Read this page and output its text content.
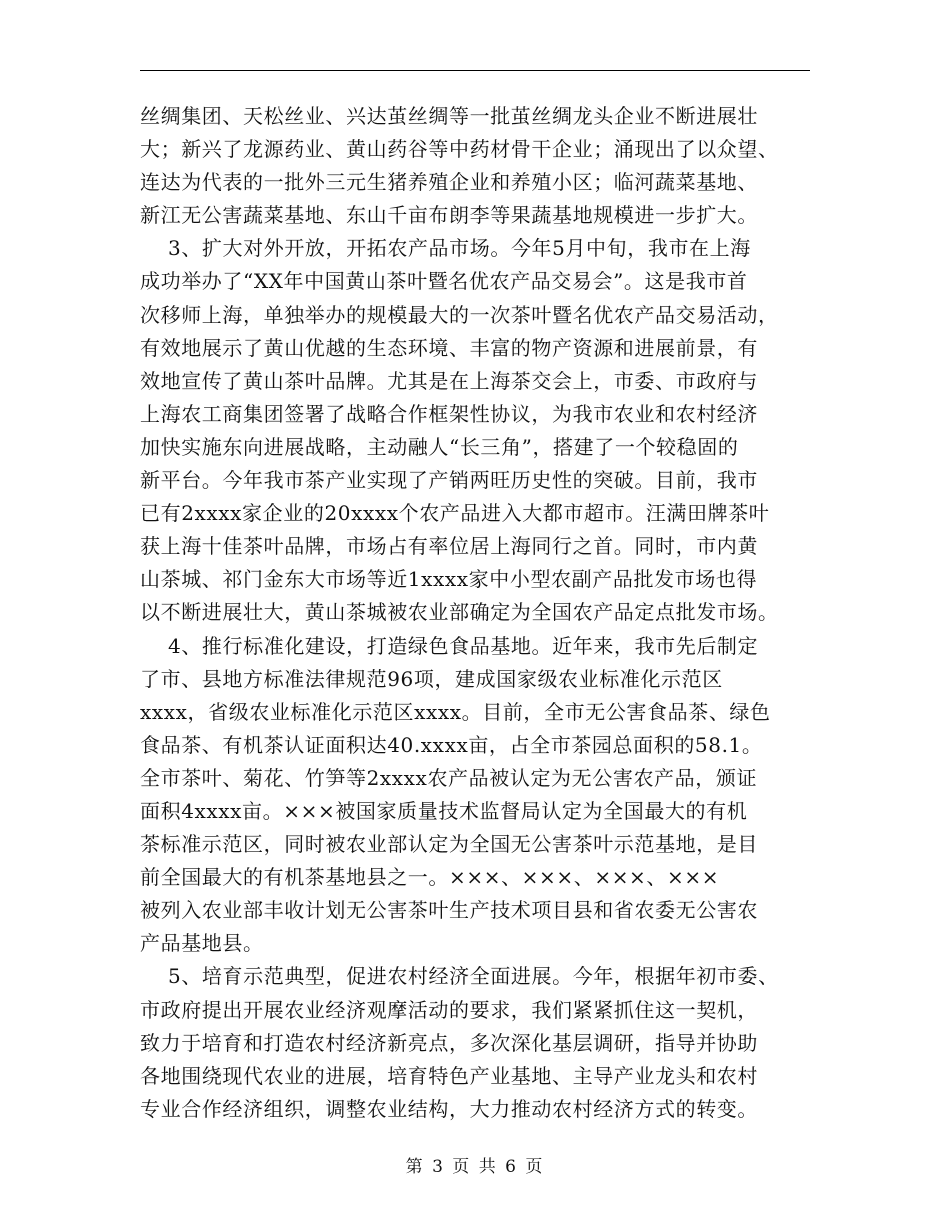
丝绸集团、天松丝业、兴达茧丝绸等一批茧丝绸龙头企业不断进展壮
大；新兴了龙源药业、黄山药谷等中药材骨干企业；涌现出了以众望、
连达为代表的一批外三元生猪养殖企业和养殖小区；临河蔬菜基地、
新江无公害蔬菜基地、东山千亩布朗李等果蔬基地规模进一步扩大。
3、扩大对外开放，开拓农产品市场。今年5月中旬，我市在上海
成功举办了“XX年中国黄山茶叶暨名优农产品交易会”。这是我市首
次移师上海，单独举办的规模最大的一次茶叶暨名优农产品交易活动，
有效地展示了黄山优越的生态环境、丰富的物产资源和进展前景，有
效地宣传了黄山茶叶品牌。尤其是在上海茶交会上，市委、市政府与
上海农工商集团签署了战略合作框架性协议，为我市农业和农村经济
加快实施东向进展战略，主动融人“长三角”，搭建了一个较稳固的
新平台。今年我市茶产业实现了产销两旺历史性的突破。目前，我市
已有2xxxx家企业的20xxxx个农产品进入大都市超市。汪满田牌茶叶
获上海十佳茶叶品牌，市场占有率位居上海同行之首。同时，市内黄
山茶城、祁门金东大市场等近1xxxx家中小型农副产品批发市场也得
以不断进展壮大，黄山茶城被农业部确定为全国农产品定点批发市场。
4、推行标准化建设，打造绿色食品基地。近年来，我市先后制定
了市、县地方标准法律规范96项，建成国家级农业标准化示范区
xxxx，省级农业标准化示范区xxxx。目前，全市无公害食品茶、绿色
食品茶、有机茶认证面积达40.xxxx亩，占全市茶园总面积的58.1。
全市茶叶、菊花、竹笋等2xxxx农产品被认定为无公害农产品，颁证
面积4xxxx亩。×××被国家质量技术监督局认定为全国最大的有机
茶标准示范区，同时被农业部认定为全国无公害茶叶示范基地，是目
前全国最大的有机茶基地县之一。×××、×××、×××、×××
被列入农业部丰收计划无公害茶叶生产技术项目县和省农委无公害农
产品基地县。
5、培育示范典型，促进农村经济全面进展。今年，根据年初市委、
市政府提出开展农业经济观摩活动的要求，我们紧紧抓住这一契机，
致力于培育和打造农村经济新亮点，多次深化基层调研，指导并协助
各地围绕现代农业的进展，培育特色产业基地、主导产业龙头和农村
专业合作经济组织，调整农业结构，大力推动农村经济方式的转变。
第 3 页 共 6 页
